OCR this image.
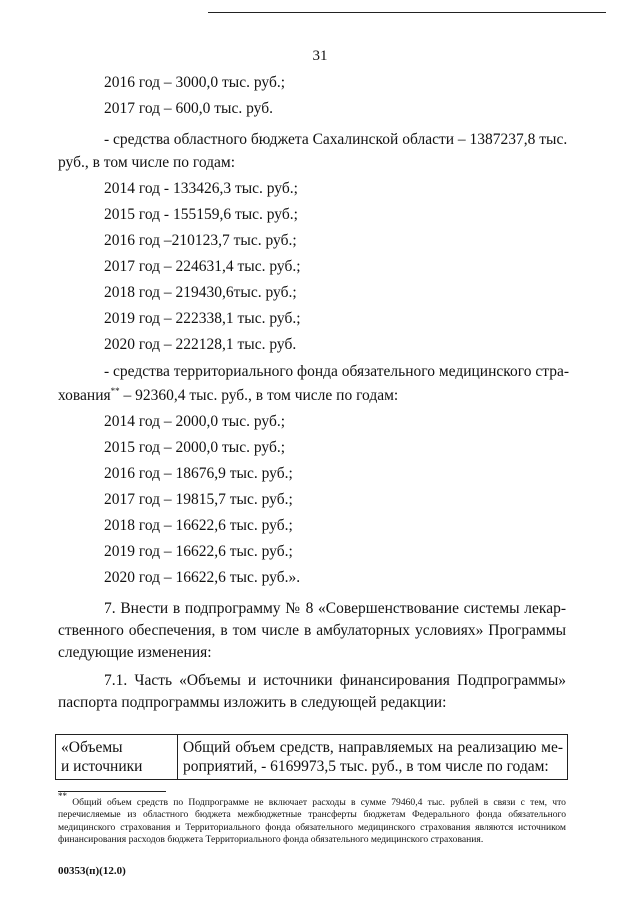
31
2016 год – 3000,0 тыс. руб.;
2017 год – 600,0 тыс. руб.
- средства областного бюджета Сахалинской области – 1387237,8 тыс.
руб., в том числе по годам:
2014 год - 133426,3 тыс. руб.;
2015 год - 155159,6 тыс. руб.;
2016 год –210123,7 тыс. руб.;
2017 год – 224631,4 тыс. руб.;
2018 год – 219430,6тыс. руб.;
2019 год – 222338,1 тыс. руб.;
2020 год – 222128,1 тыс. руб.
- средства территориального фонда обязательного медицинского стра-
хования** – 92360,4 тыс. руб., в том числе по годам:
2014 год – 2000,0 тыс. руб.;
2015 год – 2000,0 тыс. руб.;
2016 год – 18676,9 тыс. руб.;
2017 год – 19815,7 тыс. руб.;
2018 год – 16622,6 тыс. руб.;
2019 год – 16622,6 тыс. руб.;
2020 год – 16622,6 тыс. руб.».
7. Внести в подпрограмму № 8 «Совершенствование системы лекар-
ственного обеспечения, в том числе в амбулаторных условиях» Программы
следующие изменения:
7.1. Часть «Объемы и источники финансирования Подпрограммы»
паспорта подпрограммы изложить в следующей редакции:
«Объемы
и источники

Общий объем средств, направляемых на реализацию ме-
роприятий, - 6169973,5 тыс. руб., в том числе по годам:
** Общий объем средств по Подпрограмме не включает расходы в сумме 79460,4 тыс. рублей в связи с тем, что перечисляемые из областного бюджета межбюджетные трансферты бюджетам Федерального фонда обязательного медицинского страхования и Территориального фонда обязательного медицинского страхования являются источником финансирования расходов бюджета Территориального фонда обязательного медицинского страхования.
00353(п)(12.0)
